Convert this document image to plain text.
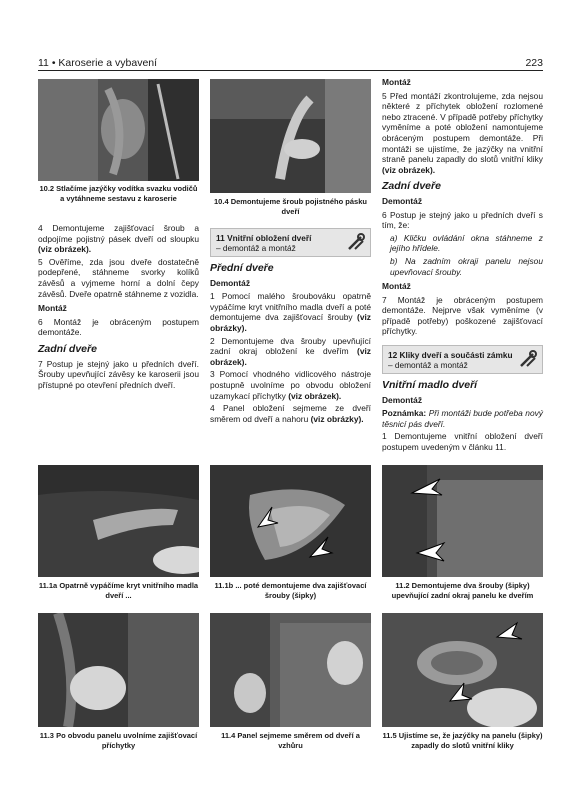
11 • Karoserie a vybavení	223
10.2 Stlačíme jazýčky vodítka svazku vodičů a vytáhneme sestavu z karoserie	10.4 Demontujeme šroub pojistného pásku dveří

4 Demontujeme zajišťovací šroub a odpojíme pojistný pásek dveří od sloupku (viz obrázek).

5 Ověříme, zda jsou dveře dostatečně podepřené, stáhneme svorky kolíků závěsů a vyjmeme horní a dolní čepy závěsů. Dveře opatrně stáhneme z vozidla.

Montáž

6 Montáž je obráceným postupem demontáže.

Zadní dveře

7 Postup je stejný jako u předních dveří. Šrouby upevňující závěsy ke karoserii jsou přístupné po otevření předních dveří.

11 Vnitřní obložení dveří
– demontáž a montáž
Přední dveře
Demontáž

1 Pomocí malého šroubováku opatrně vypáčíme kryt vnitřního madla dveří a poté demontujeme dva zajišťovací šrouby (viz obrázky).

2 Demontujeme dva šrouby upevňující zadní okraj obložení ke dveřím (viz obrázek).

3 Pomocí vhodného vidlicového nástroje postupně uvolníme po obvodu obložení uzamykací příchytky (viz obrázek).

4 Panel obložení sejmeme ze dveří směrem od dveří a nahoru (viz obrázky).

Montáž

5 Před montáží zkontrolujeme, zda nejsou některé z příchytek obložení rozlomené nebo ztracené. V případě potřeby příchytky vyměníme a poté obložení namontujeme obráceným postupem demontáže. Při montáži se ujistíme, že jazýčky na vnitřní straně panelu zapadly do slotů vnitřní kliky (viz obrázek).

Zadní dveře
Demontáž

6 Postup je stejný jako u předních dveří s tím, že:

a) Kličku ovládání okna stáhneme z jejího hřídele.

b) Na zadním okraji panelu nejsou upevňovací šrouby.

Montáž

7 Montáž je obráceným postupem demontáže. Nejprve však vyměníme (v případě potřeby) poškozené zajišťovací příchytky.

12 Kliky dveří a součásti zámku
– demontáž a montáž
Vnitřní madlo dveří
Demontáž

Poznámka: Při montáži bude potřeba nový těsnicí pás dveří.

1 Demontujeme vnitřní obložení dveří postupem uvedeným v článku 11.

11.1a Opatrně vypáčíme kryt vnitřního madla dveří ...
11.1b ... poté demontujeme dva zajišťovací šrouby (šipky)
11.2 Demontujeme dva šrouby (šipky) upevňující zadní okraj panelu ke dveřím
11.3 Po obvodu panelu uvolníme zajišťovací příchytky
11.4 Panel sejmeme směrem od dveří a vzhůru
11.5 Ujistíme se, že jazýčky na panelu (šipky) zapadly do slotů vnitřní kliky
